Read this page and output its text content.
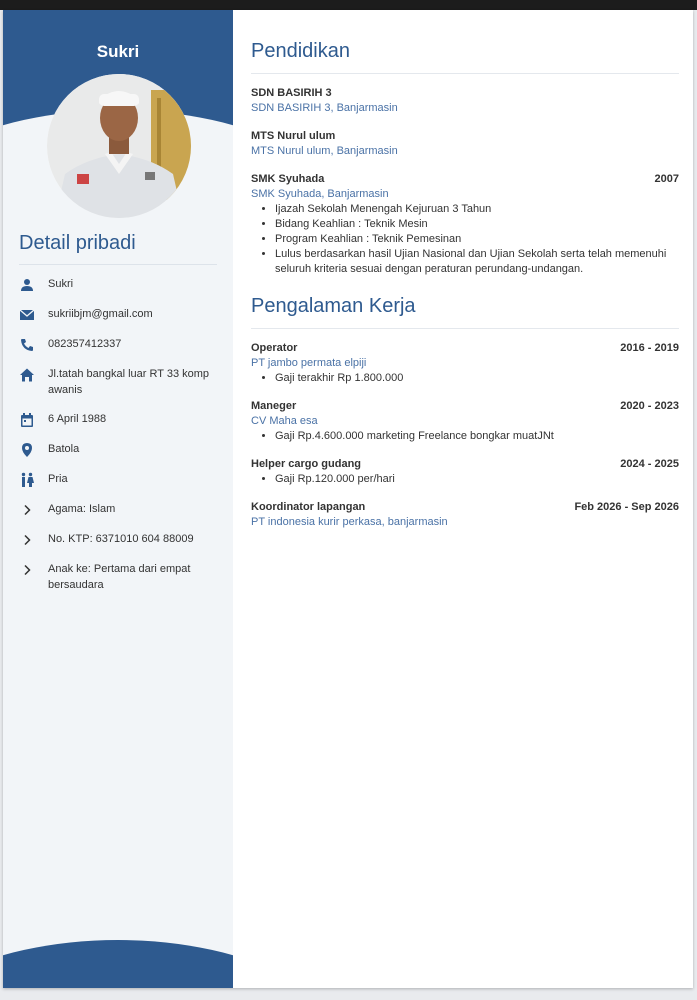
Sukri
Detail pribadi
Sukri
sukriibjm@gmail.com
082357412337
Jl.tatah bangkal luar RT 33 komp awanis
6 April 1988
Batola
Pria
Agama: Islam
No. KTP: 6371010 604 88009
Anak ke: Pertama dari empat bersaudara
Pendidikan
SDN BASIRIH 3
SDN BASIRIH 3, Banjarmasin
MTS Nurul ulum
MTS Nurul ulum, Banjarmasin
SMK Syuhada	2007
SMK Syuhada, Banjarmasin
• Ijazah Sekolah Menengah Kejuruan 3 Tahun
• Bidang Keahlian : Teknik Mesin
• Program Keahlian : Teknik Pemesinan
• Lulus berdasarkan hasil Ujian Nasional dan Ujian Sekolah serta telah memenuhi seluruh kriteria sesuai dengan peraturan perundang-undangan.
Pengalaman Kerja
Operator	2016 - 2019
PT jambo permata elpiji
• Gaji terakhir Rp 1.800.000
Maneger	2020 - 2023
CV Maha esa
• Gaji Rp.4.600.000 marketing Freelance bongkar muatJNt
Helper cargo gudang	2024 - 2025
• Gaji Rp.120.000 per/hari
Koordinator lapangan	Feb 2026 - Sep 2026
PT indonesia kurir perkasa, banjarmasin
